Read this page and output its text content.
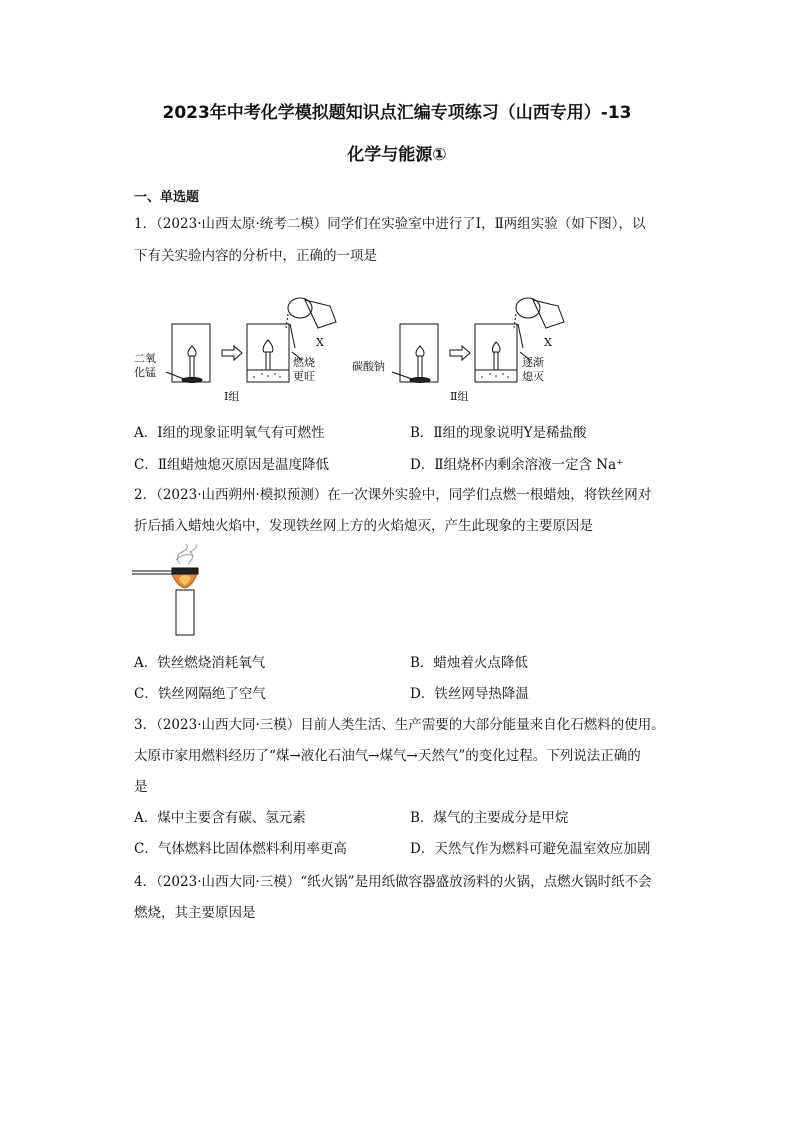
2023年中考化学模拟题知识点汇编专项练习（山西专用）-13
化学与能源①
一、单选题
1．（2023·山西太原·统考二模）同学们在实验室中进行了Ⅰ，Ⅱ两组实验（如下图），以
下有关实验内容的分析中，正确的一项是
二氧
化锰
X
燃烧
更旺
Ⅰ组
碳酸钠
X
逐渐
熄灭
Ⅱ组
A．Ⅰ组的现象证明氧气有可燃性	B．Ⅱ组的现象说明Y是稀盐酸
C．Ⅱ组蜡烛熄灭原因是温度降低	D．Ⅱ组烧杯内剩余溶液一定含 Na⁺
2．（2023·山西朔州·模拟预测）在一次课外实验中，同学们点燃一根蜡烛，将铁丝网对
折后插入蜡烛火焰中，发现铁丝网上方的火焰熄灭，产生此现象的主要原因是
A．铁丝燃烧消耗氧气	B．蜡烛着火点降低
C．铁丝网隔绝了空气	D．铁丝网导热降温
3．（2023·山西大同·三模）目前人类生活、生产需要的大部分能量来自化石燃料的使用。
太原市家用燃料经历了“煤→液化石油气→煤气→天然气”的变化过程。下列说法正确的
是
A．煤中主要含有碳、氢元素	B．煤气的主要成分是甲烷
C．气体燃料比固体燃料利用率更高	D．天然气作为燃料可避免温室效应加剧
4．（2023·山西大同·三模）“纸火锅”是用纸做容器盛放汤料的火锅，点燃火锅时纸不会
燃烧，其主要原因是
